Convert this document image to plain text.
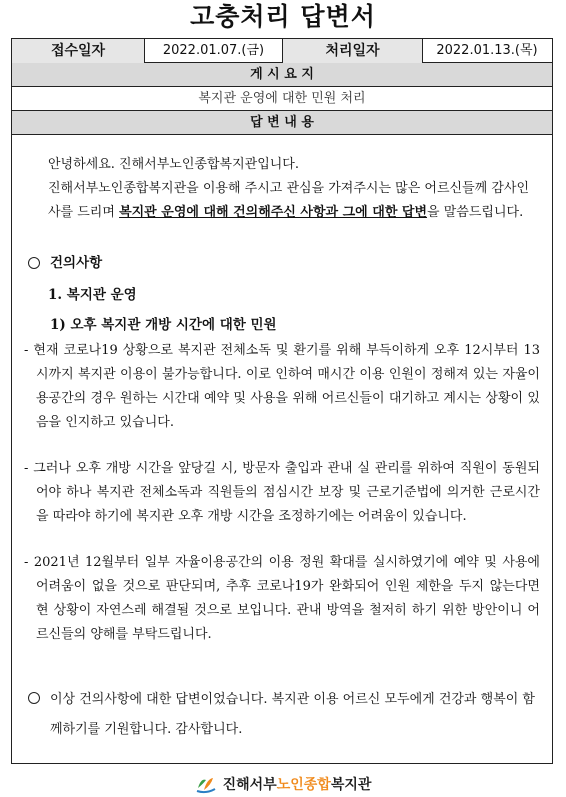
고충처리 답변서
접수일자	2022.01.07.(금)	처리일자	2022.01.13.(목)
게 시 요 지
복지관 운영에 대한 민원 처리
답 변 내 용
안녕하세요. 진해서부노인종합복지관입니다.
진해서부노인종합복지관을 이용해 주시고 관심을 가져주시는 많은 어르신들께 감사인사를 드리며 복지관 운영에 대해 건의해주신 사항과 그에 대한 답변을 말씀드립니다.
건의사항
1. 복지관 운영
1) 오후 복지관 개방 시간에 대한 민원
- 현재 코로나19 상황으로 복지관 전체소독 및 환기를 위해 부득이하게 오후 12시부터 13시까지 복지관 이용이 불가능합니다. 이로 인하여 매시간 이용 인원이 정해져 있는 자율이용공간의 경우 원하는 시간대 예약 및 사용을 위해 어르신들이 대기하고 계시는 상황이 있음을 인지하고 있습니다.
- 그러나 오후 개방 시간을 앞당길 시, 방문자 출입과 관내 실 관리를 위하여 직원이 동원되어야 하나 복지관 전체소독과 직원들의 점심시간 보장 및 근로기준법에 의거한 근로시간을 따라야 하기에 복지관 오후 개방 시간을 조정하기에는 어려움이 있습니다.
- 2021년 12월부터 일부 자율이용공간의 이용 정원 확대를 실시하였기에 예약 및 사용에 어려움이 없을 것으로 판단되며, 추후 코로나19가 완화되어 인원 제한을 두지 않는다면 현 상황이 자연스레 해결될 것으로 보입니다. 관내 방역을 철저히 하기 위한 방안이니 어르신들의 양해를 부탁드립니다.
이상 건의사항에 대한 답변이었습니다. 복지관 이용 어르신 모두에게 건강과 행복이 함께하기를 기원합니다. 감사합니다.
진해서부 노인종합 복지관
